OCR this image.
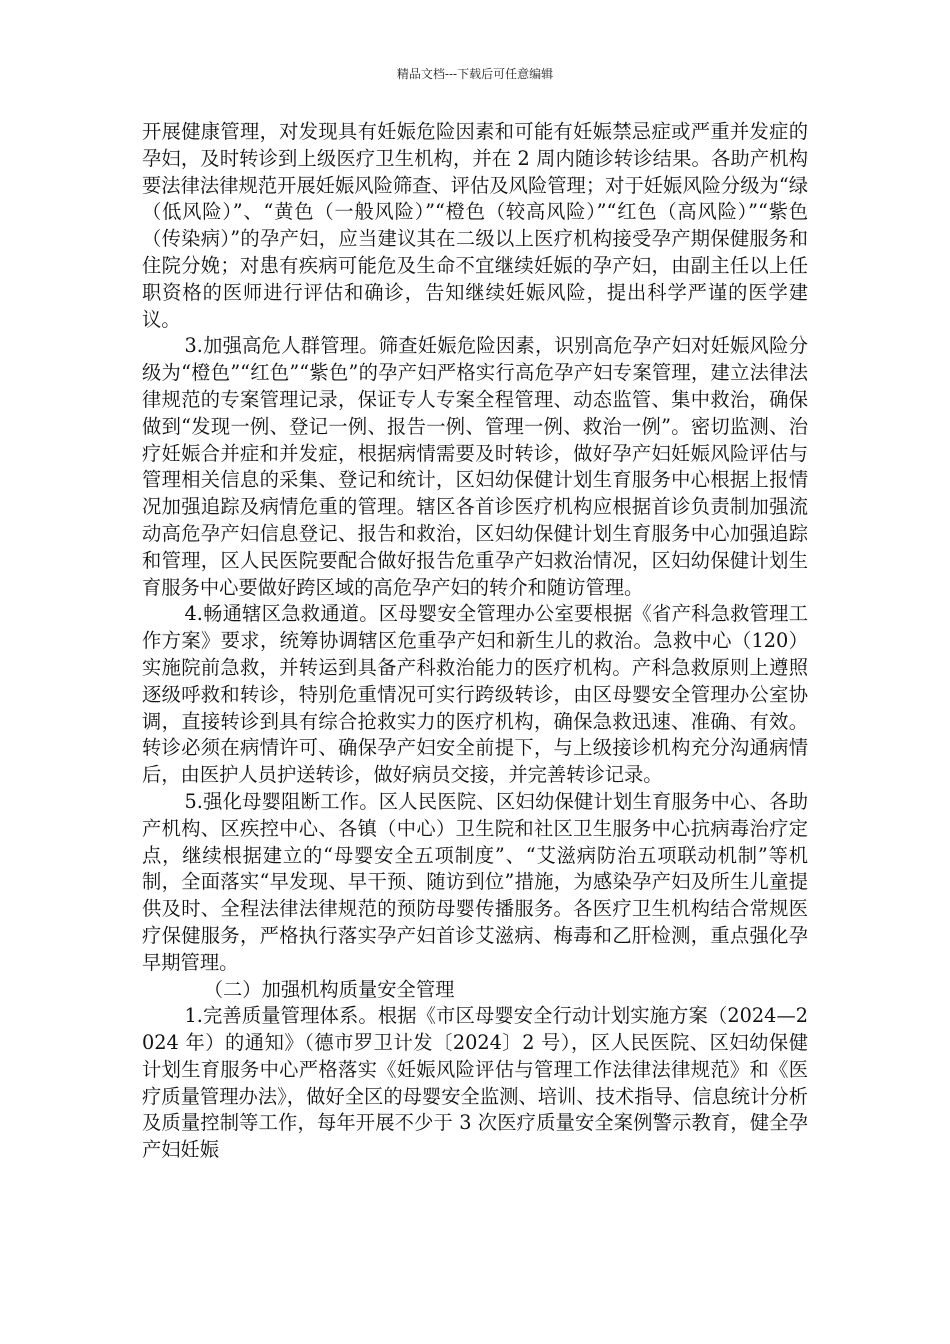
精品文档---下载后可任意编辑

开展健康管理，对发现具有妊娠危险因素和可能有妊娠禁忌症或严重并发症的孕妇，及时转诊到上级医疗卫生机构，并在 2 周内随诊转诊结果。各助产机构要法律法律规范开展妊娠风险筛查、评估及风险管理；对于妊娠风险分级为“绿（低风险）”、“黄色（一般风险）”“橙色（较高风险）”“红色（高风险）”“紫色（传染病）”的孕产妇，应当建议其在二级以上医疗机构接受孕产期保健服务和住院分娩；对患有疾病可能危及生命不宜继续妊娠的孕产妇，由副主任以上任职资格的医师进行评估和确诊，告知继续妊娠风险，提出科学严谨的医学建议。

3.加强高危人群管理。筛查妊娠危险因素，识别高危孕产妇对妊娠风险分级为“橙色”“红色”“紫色”的孕产妇严格实行高危孕产妇专案管理，建立法律法律规范的专案管理记录，保证专人专案全程管理、动态监管、集中救治，确保做到“发现一例、登记一例、报告一例、管理一例、救治一例”。密切监测、治疗妊娠合并症和并发症，根据病情需要及时转诊，做好孕产妇妊娠风险评估与管理相关信息的采集、登记和统计，区妇幼保健计划生育服务中心根据上报情况加强追踪及病情危重的管理。辖区各首诊医疗机构应根据首诊负责制加强流动高危孕产妇信息登记、报告和救治，区妇幼保健计划生育服务中心加强追踪和管理，区人民医院要配合做好报告危重孕产妇救治情况，区妇幼保健计划生育服务中心要做好跨区域的高危孕产妇的转介和随访管理。

4.畅通辖区急救通道。区母婴安全管理办公室要根据《省产科急救管理工作方案》要求，统筹协调辖区危重孕产妇和新生儿的救治。急救中心（120）实施院前急救，并转运到具备产科救治能力的医疗机构。产科急救原则上遵照逐级呼救和转诊，特别危重情况可实行跨级转诊，由区母婴安全管理办公室协调，直接转诊到具有综合抢救实力的医疗机构，确保急救迅速、准确、有效。转诊必须在病情许可、确保孕产妇安全前提下，与上级接诊机构充分沟通病情后，由医护人员护送转诊，做好病员交接，并完善转诊记录。

5.强化母婴阻断工作。区人民医院、区妇幼保健计划生育服务中心、各助产机构、区疾控中心、各镇（中心）卫生院和社区卫生服务中心抗病毒治疗定点，继续根据建立的“母婴安全五项制度”、“艾滋病防治五项联动机制”等机制，全面落实“早发现、早干预、随访到位”措施，为感染孕产妇及所生儿童提供及时、全程法律法律规范的预防母婴传播服务。各医疗卫生机构结合常规医疗保健服务，严格执行落实孕产妇首诊艾滋病、梅毒和乙肝检测，重点强化孕早期管理。

（二）加强机构质量安全管理

1.完善质量管理体系。根据《市区母婴安全行动计划实施方案（2024—2024 年）的通知》（德市罗卫计发〔2024〕2 号），区人民医院、区妇幼保健计划生育服务中心严格落实《妊娠风险评估与管理工作法律法律规范》和《医疗质量管理办法》，做好全区的母婴安全监测、培训、技术指导、信息统计分析及质量控制等工作，每年开展不少于 3 次医疗质量安全案例警示教育，健全孕产妇妊娠
